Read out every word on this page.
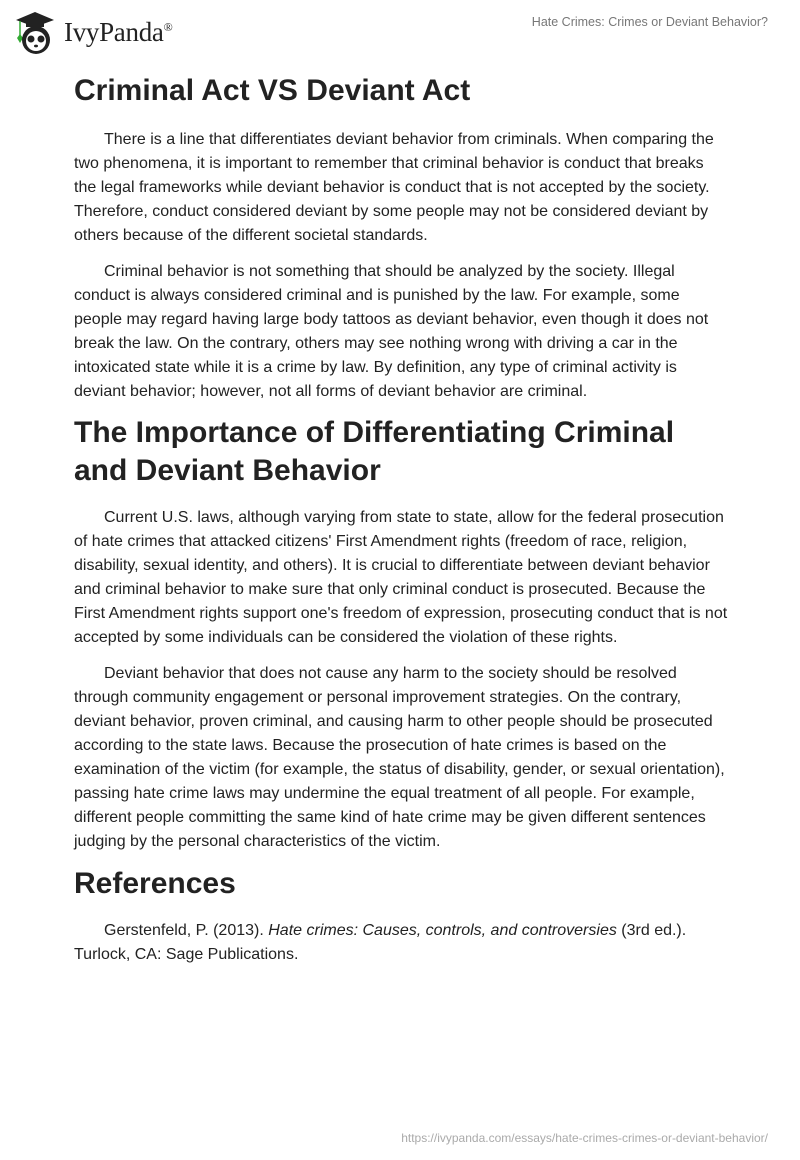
IvyPanda®	Hate Crimes: Crimes or Deviant Behavior?
Criminal Act VS Deviant Act

There is a line that differentiates deviant behavior from criminals. When comparing the two phenomena, it is important to remember that criminal behavior is conduct that breaks the legal frameworks while deviant behavior is conduct that is not accepted by the society. Therefore, conduct considered deviant by some people may not be considered deviant by others because of the different societal standards.

Criminal behavior is not something that should be analyzed by the society. Illegal conduct is always considered criminal and is punished by the law. For example, some people may regard having large body tattoos as deviant behavior, even though it does not break the law. On the contrary, others may see nothing wrong with driving a car in the intoxicated state while it is a crime by law. By definition, any type of criminal activity is deviant behavior; however, not all forms of deviant behavior are criminal.

The Importance of Differentiating Criminal and Deviant Behavior

Current U.S. laws, although varying from state to state, allow for the federal prosecution of hate crimes that attacked citizens' First Amendment rights (freedom of race, religion, disability, sexual identity, and others). It is crucial to differentiate between deviant behavior and criminal behavior to make sure that only criminal conduct is prosecuted. Because the First Amendment rights support one's freedom of expression, prosecuting conduct that is not accepted by some individuals can be considered the violation of these rights.

Deviant behavior that does not cause any harm to the society should be resolved through community engagement or personal improvement strategies. On the contrary, deviant behavior, proven criminal, and causing harm to other people should be prosecuted according to the state laws. Because the prosecution of hate crimes is based on the examination of the victim (for example, the status of disability, gender, or sexual orientation), passing hate crime laws may undermine the equal treatment of all people. For example, different people committing the same kind of hate crime may be given different sentences judging by the personal characteristics of the victim.

References

Gerstenfeld, P. (2013). Hate crimes: Causes, controls, and controversies (3rd ed.). Turlock, CA: Sage Publications.

https://ivypanda.com/essays/hate-crimes-crimes-or-deviant-behavior/
